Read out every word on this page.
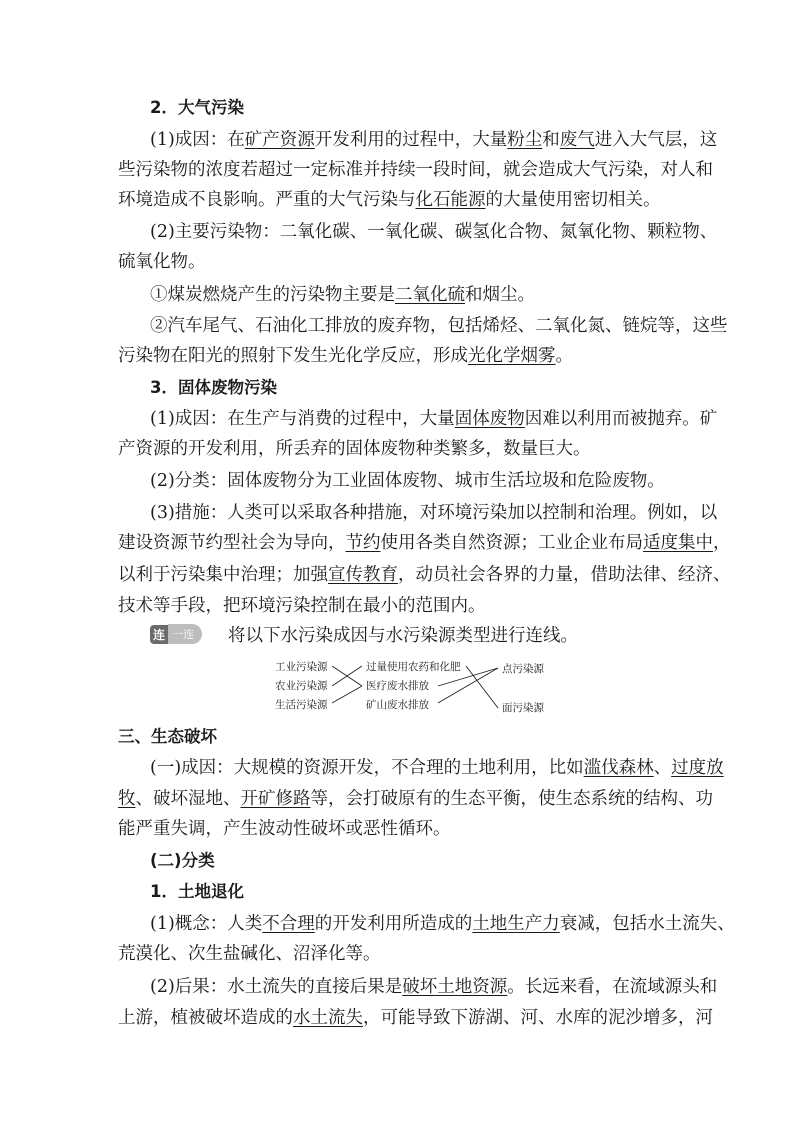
2．大气污染
(1)成因：在矿产资源开发利用的过程中，大量粉尘和废气进入大气层，这
些污染物的浓度若超过一定标准并持续一段时间，就会造成大气污染，对人和
环境造成不良影响。严重的大气污染与化石能源的大量使用密切相关。
(2)主要污染物：二氧化碳、一氧化碳、碳氢化合物、氮氧化物、颗粒物、
硫氧化物。
①煤炭燃烧产生的污染物主要是二氧化硫和烟尘。
②汽车尾气、石油化工排放的废弃物，包括烯烃、二氧化氮、链烷等，这些
污染物在阳光的照射下发生光化学反应，形成光化学烟雾。
3．固体废物污染
(1)成因：在生产与消费的过程中，大量固体废物因难以利用而被抛弃。矿
产资源的开发利用，所丢弃的固体废物种类繁多，数量巨大。
(2)分类：固体废物分为工业固体废物、城市生活垃圾和危险废物。
(3)措施：人类可以采取各种措施，对环境污染加以控制和治理。例如，以
建设资源节约型社会为导向，节约使用各类自然资源；工业企业布局适度集中，
以利于污染集中治理；加强宣传教育，动员社会各界的力量，借助法律、经济、
技术等手段，把环境污染控制在最小的范围内。
连 一连	将以下水污染成因与水污染源类型进行连线。
工业污染源
农业污染源
生活污染源
过量使用农药和化肥
医疗废水排放
矿山废水排放
点污染源
面污染源
三、生态破坏
(一)成因：大规模的资源开发，不合理的土地利用，比如滥伐森林、过度放
牧、破坏湿地、开矿修路等，会打破原有的生态平衡，使生态系统的结构、功
能严重失调，产生波动性破坏或恶性循环。
(二)分类
1．土地退化
(1)概念：人类不合理的开发利用所造成的土地生产力衰减，包括水土流失、
荒漠化、次生盐碱化、沼泽化等。
(2)后果：水土流失的直接后果是破坏土地资源。长远来看，在流域源头和
上游，植被破坏造成的水土流失，可能导致下游湖、河、水库的泥沙增多，河
